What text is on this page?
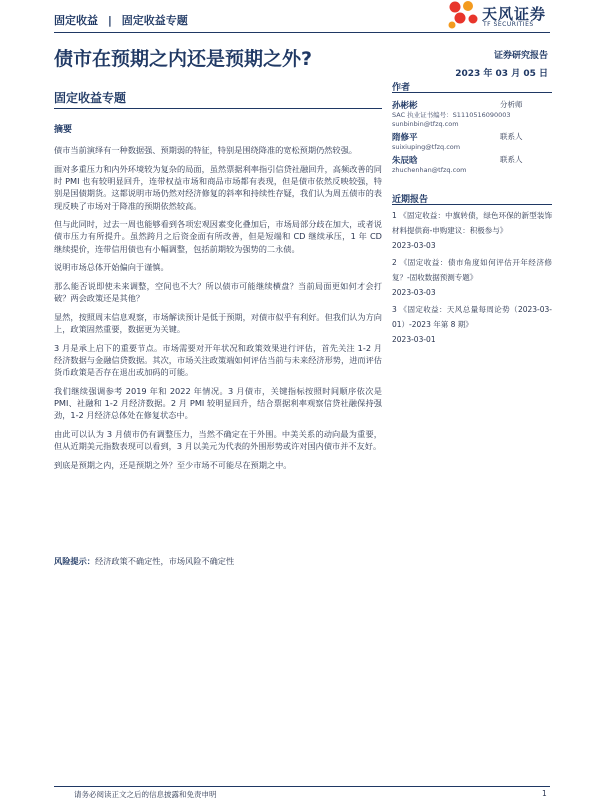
固定收益 | 固定收益专题	天风证券
TF SECURITIES
债市在预期之内还是预期之外?	证券研究报告
2023 年 03 月 05 日
固定收益专题
摘要

债市当前演绎有一种数据强、预期弱的特征，特别是围绕降准的宽松预期仍然较强。

面对多重压力和内外环境较为复杂的局面，虽然票据利率指引信贷社融回升，高频改善的同时 PMI 也有较明显回升，连带权益市场和商品市场都有表现，但是债市依然反映较强，特别是国债期货。这都说明市场仍然对经济修复的斜率和持续性存疑，我们认为周五债市的表现反映了市场对于降准的预期依然较高。

但与此同时，过去一周也能够看到各项宏观因素变化叠加后，市场局部分歧在加大，或者说债市压力有所提升。虽然跨月之后资金面有所改善，但是短端和 CD 继续承压，1 年 CD 继续提价，连带信用债也有小幅调整，包括前期较为强势的二永债。

说明市场总体开始偏向于谨慎。

那么能否说即使未来调整，空间也不大？所以债市可能继续横盘？当前局面更如何才会打破？两会政策还是其他？

显然，按照周末信息观察，市场解读预计是低于预期，对债市似乎有利好。但我们认为方向上，政策固然重要，数据更为关键。

3 月是承上启下的重要节点。市场需要对开年状况和政策效果进行评估，首先关注 1-2 月经济数据与金融信贷数据。其次，市场关注政策端如何评估当前与未来经济形势，进而评估货币政策是否存在退出或加码的可能。

我们继续强调参考 2019 年和 2022 年情况。3 月债市，关键指标按照时间顺序依次是 PMI、社融和 1-2 月经济数据。2 月 PMI 较明显回升，结合票据利率观察信贷社融保持强劲，1-2 月经济总体处在修复状态中。

由此可以认为 3 月债市仍有调整压力，当然不确定在于外围。中美关系的动向最为重要，但从近期美元指数表现可以看到，3 月以美元为代表的外围形势或许对国内债市并不友好。

到底是预期之内，还是预期之外？至少市场不可能尽在预期之中。

风险提示：经济政策不确定性，市场风险不确定性
作者
孙彬彬	分析师
SAC 执业证书编号：S1110516090003
sunbinbin@tfzq.com
隋修平	联系人
suixiuping@tfzq.com
朱辰晗	联系人
zhuchenhan@tfzq.com
近期报告
1 《固定收益：中旗转债，绿色环保的新型装饰材料提供商-申购建议：积极参与》
2023-03-03
2 《固定收益：债市角度如何评估开年经济修复？-固收数据预测专题》
2023-03-03
3 《固定收益：天风总量每周论势（2023-03-01）-2023 年第 8 期》
2023-03-01
请务必阅读正文之后的信息披露和免责申明	1
